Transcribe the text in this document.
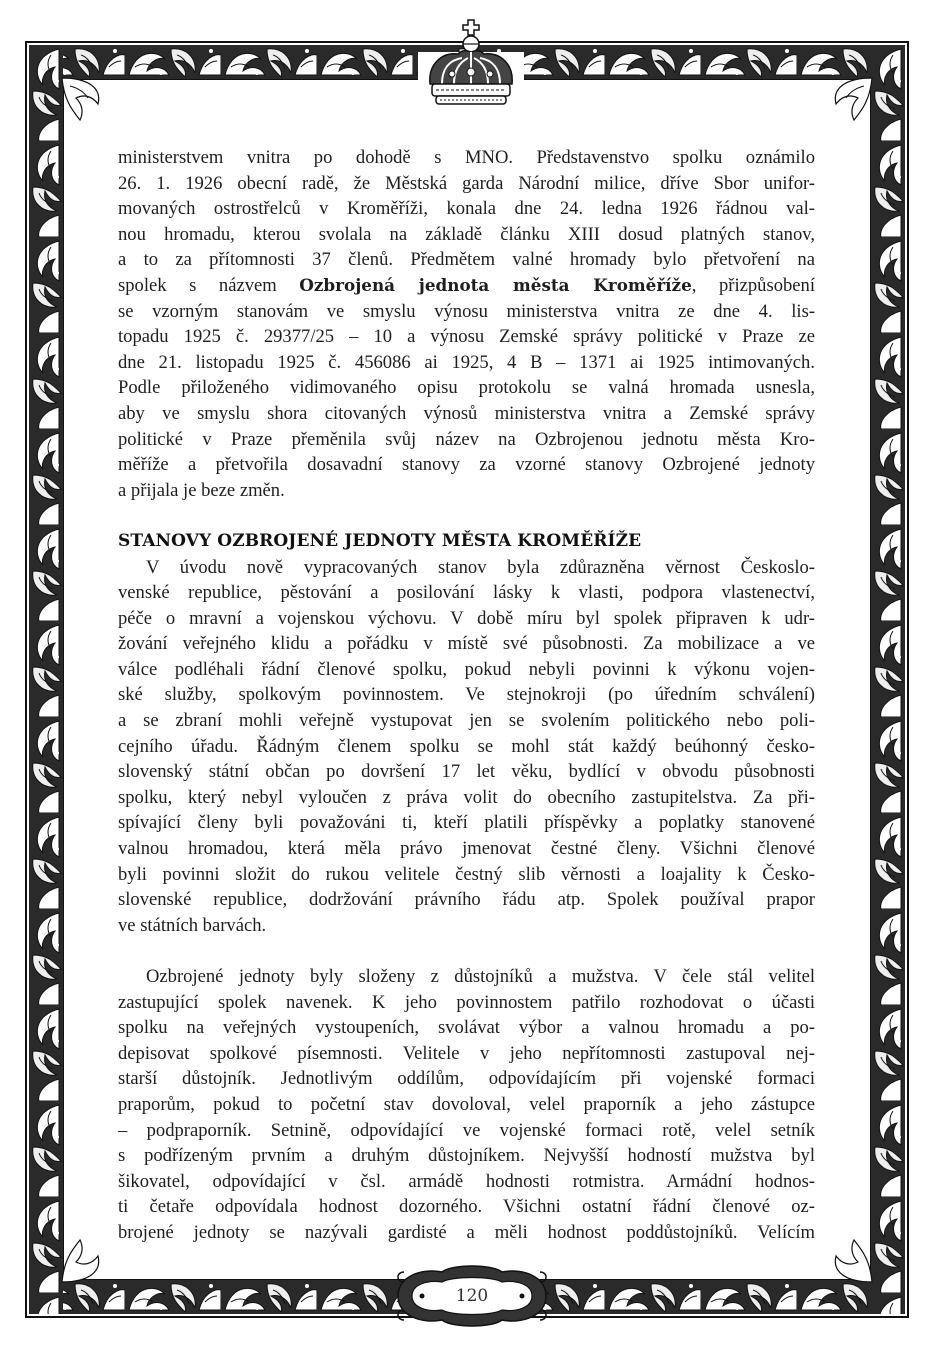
120

ministerstvem vnitra po dohodě s MNO. Představenstvo spolku oznámilo
26. 1. 1926 obecní radě, že Městská garda Národní milice, dříve Sbor unifor-
movaných ostrostřelců v Kroměříži, konala dne 24. ledna 1926 řádnou val-
nou hromadu, kterou svolala na základě článku XIII dosud platných stanov,
a to za přítomnosti 37 členů. Předmětem valné hromady bylo přetvoření na
spolek s názvem Ozbrojená jednota města Kroměříže, přizpůsobení
se vzorným stanovám ve smyslu výnosu ministerstva vnitra ze dne 4. lis-
topadu 1925 č. 29377/25 – 10 a výnosu Zemské správy politické v Praze ze
dne 21. listopadu 1925 č. 456086 ai 1925, 4 B – 1371 ai 1925 intimovaných.
Podle přiloženého vidimovaného opisu protokolu se valná hromada usnesla,
aby ve smyslu shora citovaných výnosů ministerstva vnitra a Zemské správy
politické v Praze přeměnila svůj název na Ozbrojenou jednotu města Kro-
měříže a přetvořila dosavadní stanovy za vzorné stanovy Ozbrojené jednoty
a přijala je beze změn.

STANOVY OZBROJENÉ JEDNOTY MĚSTA KROMĚŘÍŽE

V úvodu nově vypracovaných stanov byla zdůrazněna věrnost Českoslo-
venské republice, pěstování a posilování lásky k vlasti, podpora vlastenectví,
péče o mravní a vojenskou výchovu. V době míru byl spolek připraven k udr-
žování veřejného klidu a pořádku v místě své působnosti. Za mobilizace a ve
válce podléhali řádní členové spolku, pokud nebyli povinni k výkonu vojen-
ské služby, spolkovým povinnostem. Ve stejnokroji (po úředním schválení)
a se zbraní mohli veřejně vystupovat jen se svolením politického nebo poli-
cejního úřadu. Řádným členem spolku se mohl stát každý beúhonný česko-
slovenský státní občan po dovršení 17 let věku, bydlící v obvodu působnosti
spolku, který nebyl vyloučen z práva volit do obecního zastupitelstva. Za při-
spívající členy byli považováni ti, kteří platili příspěvky a poplatky stanovené
valnou hromadou, která měla právo jmenovat čestné členy. Všichni členové
byli povinni složit do rukou velitele čestný slib věrnosti a loajality k Česko-
slovenské republice, dodržování právního řádu atp. Spolek používal prapor
ve státních barvách.

Ozbrojené jednoty byly složeny z důstojníků a mužstva. V čele stál velitel
zastupující spolek navenek. K jeho povinnostem patřilo rozhodovat o účasti
spolku na veřejných vystoupeních, svolávat výbor a valnou hromadu a po-
depisovat spolkové písemnosti. Velitele v jeho nepřítomnosti zastupoval nej-
starší důstojník. Jednotlivým oddílům, odpovídajícím při vojenské formaci
praporům, pokud to početní stav dovoloval, velel praporník a jeho zástupce
– podpraporník. Setnině, odpovídající ve vojenské formaci rotě, velel setník
s podřízeným prvním a druhým důstojníkem. Nejvyšší hodností mužstva byl
šikovatel, odpovídající v čsl. armádě hodnosti rotmistra. Armádní hodnos-
ti četaře odpovídala hodnost dozorného. Všichni ostatní řádní členové oz-
brojené jednoty se nazývali gardisté a měli hodnost poddůstojníků. Velícím
